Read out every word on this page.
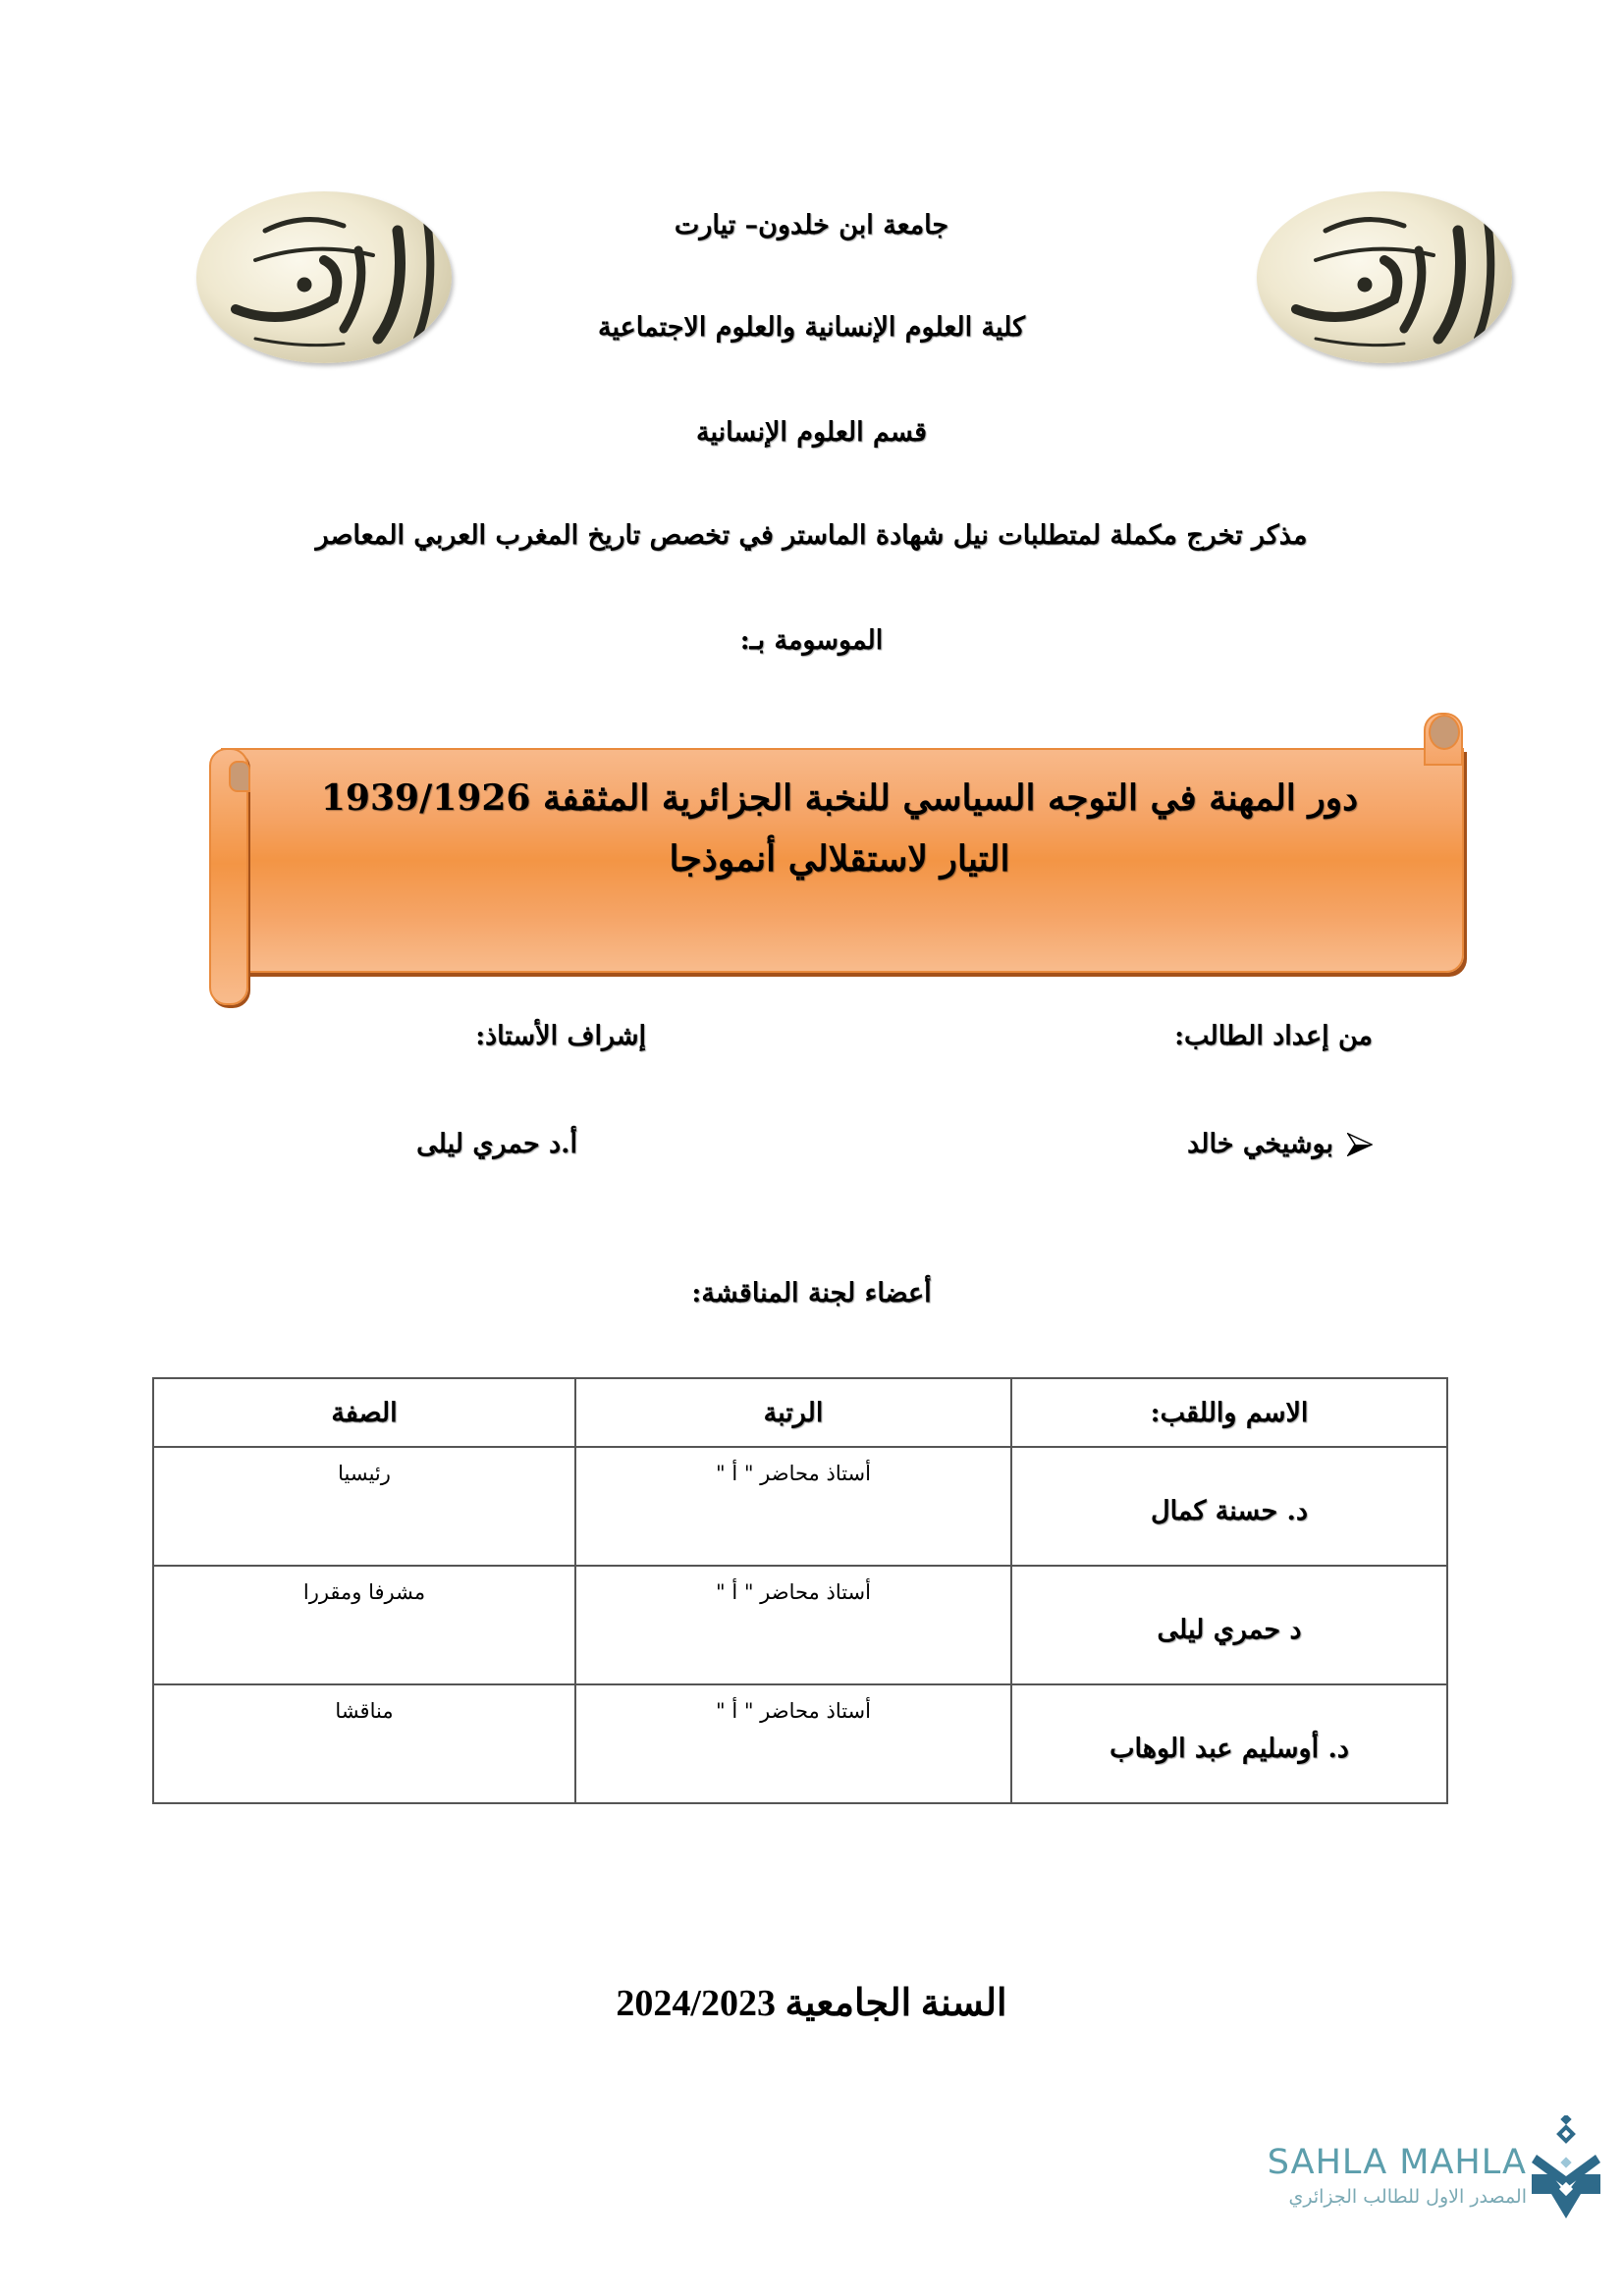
جامعة ابن خلدون– تيارت
كلية العلوم الإنسانية والعلوم الاجتماعية
قسم العلوم الإنسانية
مذكر تخرج مكملة لمتطلبات نيل شهادة الماستر في تخصص تاريخ المغرب العربي المعاصر
الموسومة بـ:
دور المهنة في التوجه السياسي للنخبة الجزائرية المثقفة 1939/1926
التيار لاستقلالي أنموذجا
من إعداد الطالب:
إشراف الأستاذ:
بوشيخي خالد
أ.د حمري ليلى
أعضاء لجنة المناقشة:
الاسم واللقب:	الرتبة	الصفة
د. حسنة كمال	أستاذ محاضر " أ "	رئيسيا
د حمري ليلى	أستاذ محاضر " أ "	مشرفا ومقررا
د. أوسليم عبد الوهاب	أستاذ محاضر " أ "	مناقشا
السنة الجامعية 2024/2023
SAHLA MAHLA
المصدر الاول للطالب الجزائري
